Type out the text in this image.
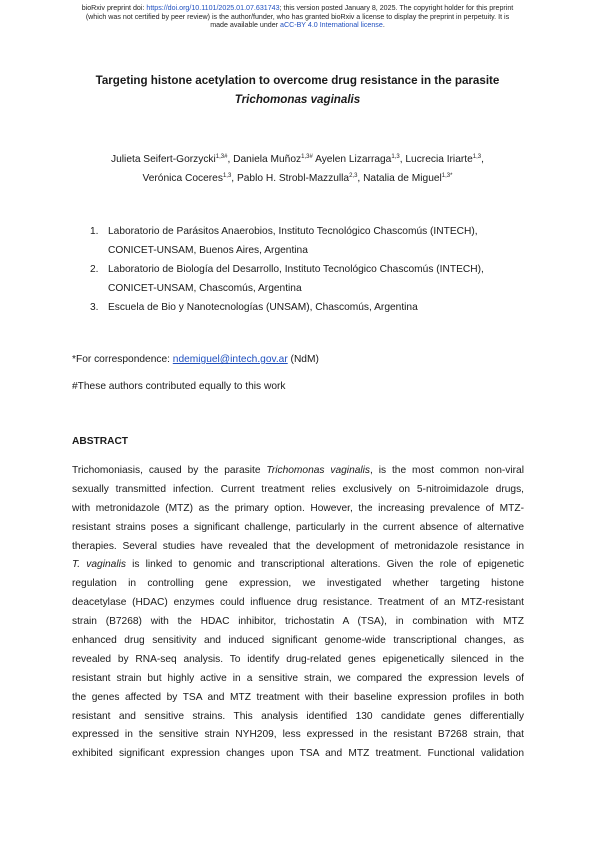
bioRxiv preprint doi: https://doi.org/10.1101/2025.01.07.631743; this version posted January 8, 2025. The copyright holder for this preprint
(which was not certified by peer review) is the author/funder, who has granted bioRxiv a license to display the preprint in perpetuity. It is
made available under aCC-BY 4.0 International license.
Targeting histone acetylation to overcome drug resistance in the parasite
Trichomonas vaginalis
Julieta Seifert-Gorzycki$^{1,3\#}$, Daniela Muñoz$^{1,3\#}$ Ayelen Lizarraga$^{1,3}$, Lucrecia Iriarte$^{1,3}$,
Verónica Coceres$^{1,3}$, Pablo H. Strobl-Mazzulla$^{2,3}$, Natalia de Miguel$^{1,3*}$
1. Laboratorio de Parásitos Anaerobios, Instituto Tecnológico Chascomús (INTECH),
CONICET-UNSAM, Buenos Aires, Argentina
2. Laboratorio de Biología del Desarrollo, Instituto Tecnológico Chascomús (INTECH),
CONICET-UNSAM, Chascomús, Argentina
3. Escuela de Bio y Nanotecnologías (UNSAM), Chascomús, Argentina
*For correspondence: ndemiguel@intech.gov.ar (NdM)
#These authors contributed equally to this work
ABSTRACT
Trichomoniasis, caused by the parasite Trichomonas vaginalis, is the most common non-viral
sexually transmitted infection. Current treatment relies exclusively on 5-nitroimidazole drugs,
with metronidazole (MTZ) as the primary option. However, the increasing prevalence of MTZ-
resistant strains poses a significant challenge, particularly in the current absence of alternative
therapies. Several studies have revealed that the development of metronidazole resistance in
T. vaginalis is linked to genomic and transcriptional alterations. Given the role of epigenetic
regulation in controlling gene expression, we investigated whether targeting histone
deacetylase (HDAC) enzymes could influence drug resistance. Treatment of an MTZ-resistant
strain (B7268) with the HDAC inhibitor, trichostatin A (TSA), in combination with MTZ
enhanced drug sensitivity and induced significant genome-wide transcriptional changes, as
revealed by RNA-seq analysis. To identify drug-related genes epigenetically silenced in the
resistant strain but highly active in a sensitive strain, we compared the expression levels of
the genes affected by TSA and MTZ treatment with their baseline expression profiles in both
resistant and sensitive strains. This analysis identified 130 candidate genes differentially
expressed in the sensitive strain NYH209, less expressed in the resistant B7268 strain, that
exhibited significant expression changes upon TSA and MTZ treatment. Functional validation
